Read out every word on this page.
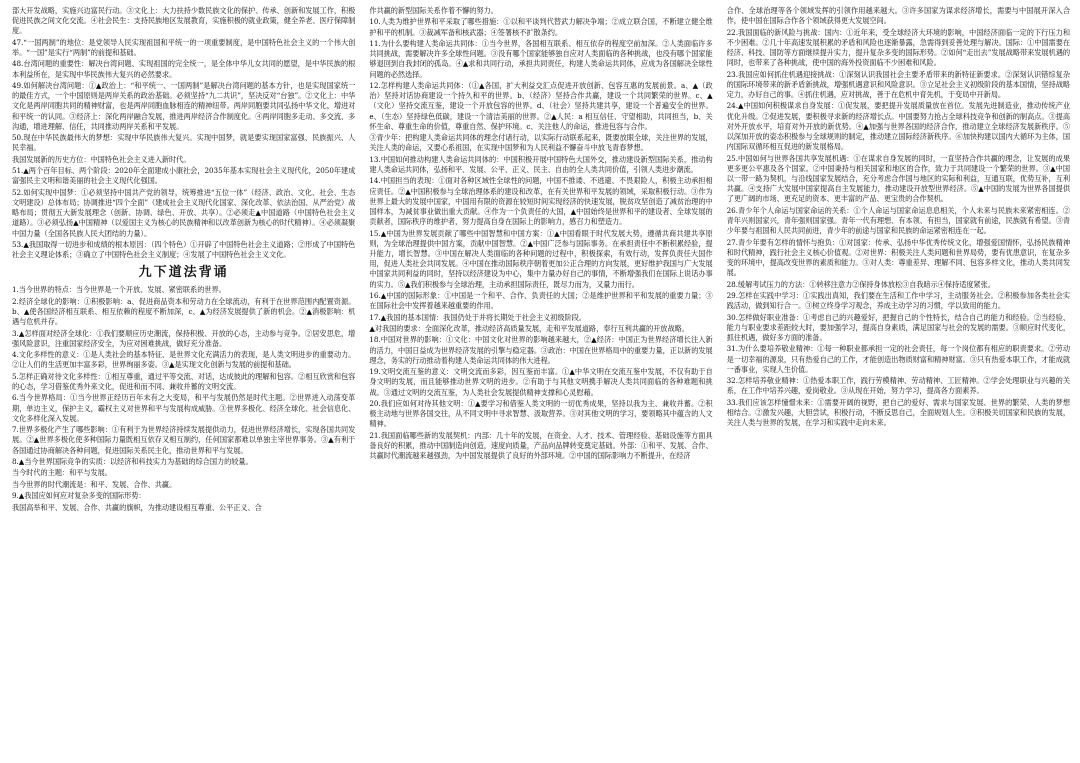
部大开发战略，实施兴边富民行动。③文化上：大力扶持少数民族文化的保护、传承、创新和发展工作，积极促进民族之间文化交流。④社会民生：支持民族地区发展教育，实施积极的就业政策，健全养老、医疗保障制度。

47.“一国两制”的地位：是党领导人民实现祖国和平统一的一项重要制度，是中国特色社会主义的一个伟大创举。“一国”是实行“两制”的前提和基础。

48.台湾问题的重要性：解决台湾问题、实现祖国的完全统一，是全体中华儿女共同的愿望，是中华民族的根本利益所在，是实现中华民族伟大复兴的必然要求。

49.如何解决台湾问题：①▲政治上：“和平统一、一国两制”是解决台湾问题的基本方针，也是实现国家统一的最佳方式，一个中国原则是两岸关系的政治基础。必须坚持“九二共识”，坚决反对“台独”。②文化上：中华文化是两岸同胞共同的精神财富，也是两岸同胞血脉相连的精神纽带。两岸同胞要共同弘扬中华文化，增进对和平统一的认同。③经济上：深化两岸融合发展，推进两岸经济合作制度化。④两岸同胞多走动、多交流、多沟通，增进理解、信任，共同推动两岸关系和平发展。

50.现在中华民族最伟大的梦想：实现中华民族伟大复兴。实现中国梦，就是要实现国家富强、民族振兴、人民幸福。

我国发展新的历史方位：中国特色社会主义进入新时代。

51.▲两个百年目标、两个阶段：2020年全面建成小康社会，2035年基本实现社会主义现代化，2050年建成富强民主文明和谐美丽的社会主义现代化强国。

52.如何实现中国梦：①必须坚持中国共产党的领导，统筹推进“五位一体”（经济、政治、文化、社会、生态文明建设）总体布局；协调推进“四个全面”（建成社会主义现代化国家、深化改革、依法治国、从严治党）战略布局；贯彻五大新发展理念（创新、协调、绿色、开放、共享）。②必须走▲中国道路（中国特色社会主义道路）。③必须弘扬▲中国精神（以爱国主义为核心的民族精神和以改革创新为核心的时代精神）。④必须凝聚中国力量（全国各民族人民大团结的力量）。

53.▲我国取得一切进步和成绩的根本原因：（四个特色）①开辟了中国特色社会主义道路；②形成了中国特色社会主义理论体系；③确立了中国特色社会主义制度；④发展了中国特色社会主义文化。

九下道法背诵

1.当今世界的特点：当今世界是一个开放、发展、紧密联系的世界。

2.经济全球化的影响：①积极影响：a、促进商品资本和劳动力在全球流动，有利于在世界范围内配置资源。b、▲使各国经济相互联系、相互依赖的程度不断加深，c、▲为经济发展提供了新的机会。②▲消极影响：机遇与危机并存。

3.▲怎样面对经济全球化：①我们要顺应历史潮流，保持积极、开放的心态，主动参与竞争。②居安思危，增强风险意识，注重国家经济安全，为应对困难挑战，做好充分准备。

4.文化多样性的意义：①是人类社会的基本特征、是世界文化充满活力的表现，是人类文明进步的重要动力。②让人们的生活更加丰富多彩，世界绚丽多姿。③▲是实现文化创新与发展的前提和基础。

5.怎样正确对待文化多样性：①相互尊重，通过平等交流、对话，达成彼此的理解和包容。②相互欣赏和包容的心态，学习借鉴优秀外来文化，促进和而不同、兼收并蓄的文明交流。

6.当今世界格局：①当今世界正经历百年未有之大变局，和平与发展仍然是时代主题。②世界进入动荡变革期，单边主义，保护主义，霸权主义对世界和平与发展构成威胁。③世界多极化、经济全球化、社会信息化、文化多样化深入发展。

7.世界多极化产生了哪些影响：①有利于为世界经济持续发展提供动力，促进世界经济增长，实现各国共同发展。②▲世界多极化使多种国际力量既相互依存又相互制约，任何国家都难以单独主宰世界事务。③▲有利于各国通过协商解决各种问题，促进国际关系民主化，推动世界和平与发展。

8.▲当今世界国际竞争的实质：以经济和科技实力为基础的综合国力的较量。

当今时代的主题：和平与发展。

当今世界的时代潮流是：和平、发展、合作、共赢。

9.▲我国应如何应对复杂多变的国际形势：

我国高举和平、发展、合作、共赢的旗帜，为推动建设相互尊重、公平正义、合

作共赢的新型国际关系作着不懈的努力。

10.人类为维护世界和平采取了哪些措施：①以和平谈判代替武力解决争端；②成立联合国，不断建立健全维护和平的机制。③裁减军备和核武器；④签署核不扩散条约。

11.为什么要构建人类命运共同体：①当今世界，各国相互联系、相互依存的程度空前加深。②人类面临许多共同挑战，需要解决许多全球性问题。③没有哪个国家能够独自应对人类面临的各种挑战，也没有哪个国家能够退回到自我封闭的孤岛。④▲求和共同行动，承担共同责任，构建人类命运共同体，应成为各国解决全球性问题的必然选择。

12.怎样构建人类命运共同体：（①▲各国，扩大利益交汇点促进开放创新、包容互惠的发展前景。a、▲（政治）坚持对话协商建设一个持久和平的世界。b、（经济）坚持合作共赢，建设一个共同繁荣的世界。c、▲（文化）坚持交流互鉴，建设一个开放包容的世界。d、（社会）坚持共建共享，建设一个普遍安全的世界。e、（生态）坚持绿色低碳，建设一个清洁美丽的世界。②▲人民：a 相互信任、守望相助，共同担当，b、关怀生命、尊重生命的价值，尊重自然、保护环境。c、关注他人的命运，推进包容与合作。

③青少年：把构建人类命运共同体的理念付诸行动，以实际行动联系起来，既要放眼全球，关注世界的发展，关注人类的命运，又要心系祖国，在实现中国梦和为人民利益不懈奋斗中放飞青春梦想。

13.中国如何推动构建人类命运共同体的：中国积极开展中国特色大国外交，推动建设新型国际关系，推动构建人类命运共同体，弘扬和平、发展、公平、正义、民主、自由的全人类共同价值，引领人类进步潮流。

14.中国担当的表现：①面对各种区域性全球性的问题，中国不推诿、不逃避、不畏艰险人，积极主动承担相应责任。②▲中国积极参与全球治理体系的建设和改革，在有关世界和平发展的领域，采取积极行动。③作为世界上最大的发展中国家，中国用有限的资源在较短时间实现经济的快速发展，脱贫攻坚创造了减贫治理的中国样本，为减贫事业做出重大贡献。④作为一个负责任的大国，▲中国始终是世界和平的建设者、全球发展的贡献者，国际秩序的维护者，努力提高自身在国际上的影响力，感召力和塑造力。

15.▲中国为世界发展贡献了哪些中国智慧和中国方案：①▲中国看眼于时代发展大势，遵循共商共建共享原则，为全球治理提供中国方案，贡献中国智慧。②▲中国广泛参与国际事务。在承担责任中不断积累经验，提升能力，增长智慧。③中国在解决人类面临的各种问题的过程中，积极探索，有效行动，发挥负责任大国作用，促进人类社会共同发展。④中国在推动国际秩序朝着更加公正合理的方向发展，更好维护我国与广大发展中国家共同利益的同时，坚持以经济建设为中心，集中力量办好自己的事情，不断增强我们在国际上说话办事的实力。⑤▲我们积极参与全球治理，主动承担国际责任，既尽力而为，又量力而行。

16.▲中国的国际形象：①中国是一个和平、合作、负责任的大国；②是维护世界和平和发展的重要力量；③在国际社会中发挥着越来越重要的作用。

17.▲我国的基本国情：我国仍处于并将长期处于社会主义初级阶段。

▲对我国的要求：全面深化改革，推动经济高质量发展，走和平发展道路，奉行互利共赢的开放战略。

18.中国对世界的影响：①文化：中国文化对世界的影响越来越大，②▲经济：中国正为世界经济增长注入新的活力，中国日益成为世界经济发展的引擎与稳定器。③政治：中国在世界格局中的重要力量，正以新的发展理念，务实的行动推动着构建人类命运共同体的伟大进程。

19.文明交流互鉴的意义：文明交流而多彩，因互鉴而丰富。①▲中华文明在交流互鉴中发展，不仅有助于自身文明的发展，而且能够推动世界文明的进步。②有助于与其他文明携手解决人类共同面临的各种难题和挑战。③通过文明的交流互鉴，为人类社会发展提供精神支撑和心灵慰藉。

20.我们应如何对待其他文明：①▲要学习和借鉴人类文明的一切优秀成果，坚持以我为主、兼收并蓄。②积极主动地与世界各国交往，从不同文明中寻求智慧、汲取营养。③对其他文明的学习，要领略其中蕴含的人文精神。

21.我国面临哪些新的发展契机：内部：几十年的发展，在资金、人才、技术、管理经验、基础设施等方面具备良好的积累，推动中国制造向创造，速度向质量，产品向品牌转变奠定基础。外部：①和平、发展、合作、共赢时代潮流越来越强劲，为中国发展提供了良好的外部环境。②中国的国际影响力不断提升，在经济

合作、全球治理等各个领域发挥的引领作用越来越大。③许多国家为谋求经济增长，需要与中国展开深入合作，使中国在国际合作各个领域获得更大发展空间。

22.我国面临的新风险与挑战：国内：①近年来，受全球经济大环境的影响，中国经济面临一定的下行压力和不少困难。②几十年高速发展积累的矛盾和风险也逐渐暴露，急需得到妥善处理与解决。国际：①中国需要在经济、科技、国防等方面继续提升实力，提升复杂多变的国际形势。②如何“走出去”发展战略带来发展机遇的同时，也带来了各种挑战，使中国的海外投资面临不少困难和风险。

23.我国应如何抓住机遇迎接挑战：①深刻认识我国社会主要矛盾带来的新特征新要求。②深刻认识错综复杂的国际环境带来的新矛盾新挑战，增强机遇意识和风险意识。③立足社会主义初级阶段的基本国情，坚持战略定力，办好自己的事。④抓住机遇，应对挑战，善于在危机中育先机，于变局中开新局。

24.▲中国如何积极谋求自身发展：①促发展，要把提升发展质量放在首位。发展先进制造业，推动传统产业优化升级。②促进发展，要积极寻求新的经济增长点。中国要努力抢占全球科技竞争和创新的制高点。③提高对外开放水平，培育对外开放的新优势。④▲加强与世界各国的经济合作，推动建立全球经济发展新秩序。⑤以深加开放的姿态积极参与全球规则的制定，推动建立国际经济新秩序。⑥加快构建以国内大循环为主体，国内国际双循环相互促进的新发展格局。

25.中国如何与世界各国共享发展机遇：①在谋求自身发展的同时，一直坚持合作共赢的理念，让发展的成果更多更公平惠及各个国家。②中国秉持与相关国家和地区的合作，致力于共同建设一个繁荣的世界。③▲中国以一带一路为契机，与沿线国家发展结合，充分考虑合作国与地区的实际和利益，互通互联，优势互补，互利共赢。④支持广大发展中国家提高自主发展能力，推动建设开放型世界经济。⑤▲中国的发展为世界各国提供了更广阔的市场、更充足的资本、更丰富的产品、更宝贵的合作契机。

26.青少年个人命运与国家命运的关系：①个人命运与国家命运息息相关，个人未来与民族未来紧密相连。②青年兴则国家兴，青年强则国家强。青年一代有理想、有本领、有担当，国家就有前途，民族就有希望。③青少年要与祖国和人民共同前进，青少年的前途与国家和民族的命运紧密相连在一起。

27.青少年要有怎样的情怀与抱负：①对国家：传承、弘扬中华优秀传统文化，增强爱国情怀，弘扬民族精神和时代精神，践行社会主义核心价值观。②对世界：积极关注人类问题和世界局势，要有优患意识，在复杂多变的环境中，提高改变世界的素质和能力。③对人类：尊重差异、理解不同、包容多样文化，推动人类共同发展。

28.缓解考试压力的方法：①转移注意力②保持身体放松③自我暗示④保持适度紧张。

29.怎样在实践中学习：①实践出真知，我们要在生活和工作中学习，主动服务社会。②积极参加各类社会实践活动，做到知行合一。③树立终身学习观念，养成主动学习的习惯，学以致用的能力。

30.怎样做好职业准备：①考虑自己的兴趣爱好，把握自己的个性特长，结合自己的能力和经验。②当经验、能力与职业要求差距较大时，要加强学习，提高自身素质，满足国家与社会的发展的需要。③顺应时代变化，抓住机遇，做好多方面的准备。

31.为什么要培养敬业精神：①每一种职业都承担一定的社会责任，每一个岗位都有相应的职责要求。②劳动是一切幸福的源泉，只有热爱自己的工作，才能创造出物质财富和精神财富。③只有热爱本职工作，才能成就一番事业，实现人生价值。

32.怎样培养敬业精神：①热爱本职工作，践行劳模精神、劳动精神、工匠精神。②学会处理职业与兴趣的关系，在工作中培养兴趣，爱岗敬业。③从现在开始，努力学习，提高各方面素养。

33.我们应该怎样憧憬未来：①需要开阔的视野，把自己的爱好、需求与国家发展、世界的繁荣、人类的梦想相结合。②激发兴趣，大胆尝试，积极行动，不断反思自己，全面规划人生。③积极关切国家和民族的发展，关注人类与世界的发展，在学习和实践中走向未来。
